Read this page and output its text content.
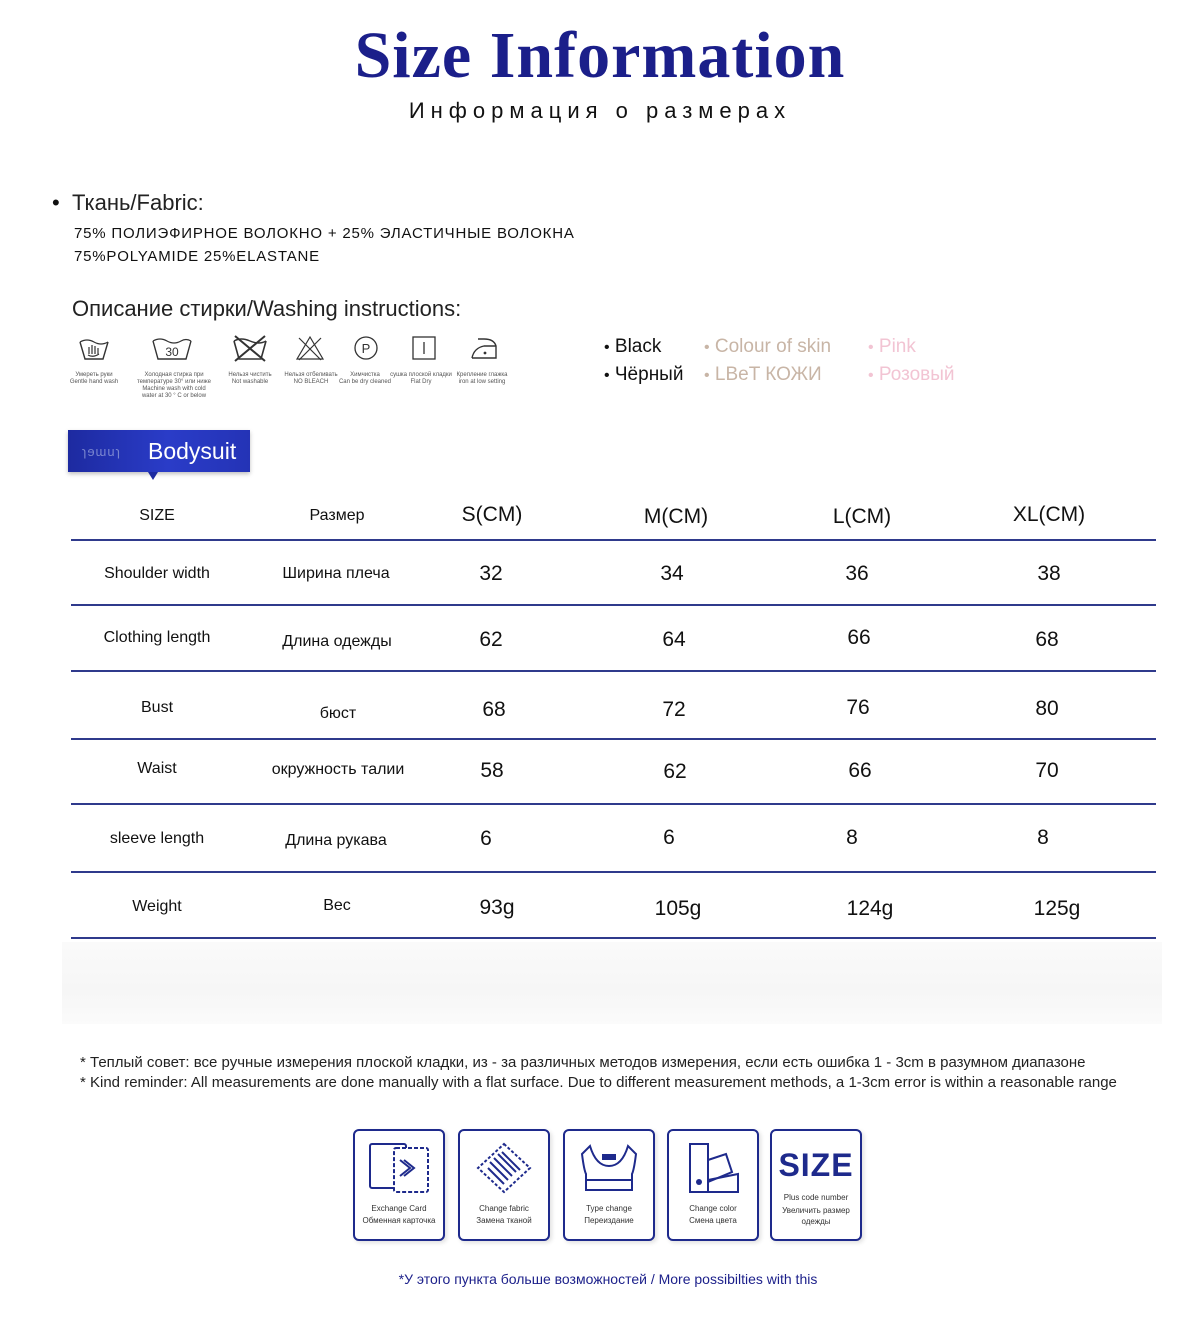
Size Information
Информация о размерах
• Ткань/Fabric:
75% ПОЛИЭФИРНОЕ ВОЛОКНО + 25% ЭЛАСТИЧНЫЕ ВОЛОКНА
75%POLYAMIDE 25%ELASTANE
Описание стирки/Washing instructions:
30	P
Умереть руки
Gentle hand wash
Холодная стирка при
температуре 30° или ниже
Machine wash with cold
water at 30 ° C or below
Нельзя чистить
Not washable
Нельзя отбеливать
NO BLEACH
Химчистка
Can be dry cleaned
сушка плоской кладки
Flat Dry
Крепление глажка
iron at low setting
• Black	• Colour of skin • Pink
• Чёрный • LBeT КОЖИ	• Розовый
ɿɘɯuɿ Bodysuit
SIZE	Размер	S(CM)	M(CM)	L(CM)	XL(CM)
Shoulder width	Ширина плеча	32	34	36	38
Clothing length	Длина одежды	62	64	66	68
Bust	бюст	68	72	76	80
Waist	окружность талии	58	62	66	70
sleeve length	Длина рукава	6	6	8	8
Weight	Вес	93g	105g	124g	125g
* Теплый совет: все ручные измерения плоской кладки, из - за различных методов измерения, если есть ошибка 1 - 3cm в разумном диапазоне
* Kind reminder: All measurements are done manually with a flat surface. Due to different measurement methods, a 1-3cm error is within a reasonable range
Exchange Card
Обменная карточка
Change fabric
Замена тканой
Type change
Переиздание
Change color
Смена цвета
SIZE
Plus code number
Увеличить размер одежды
*У этого пункта больше возможностей / More possibilties with this
